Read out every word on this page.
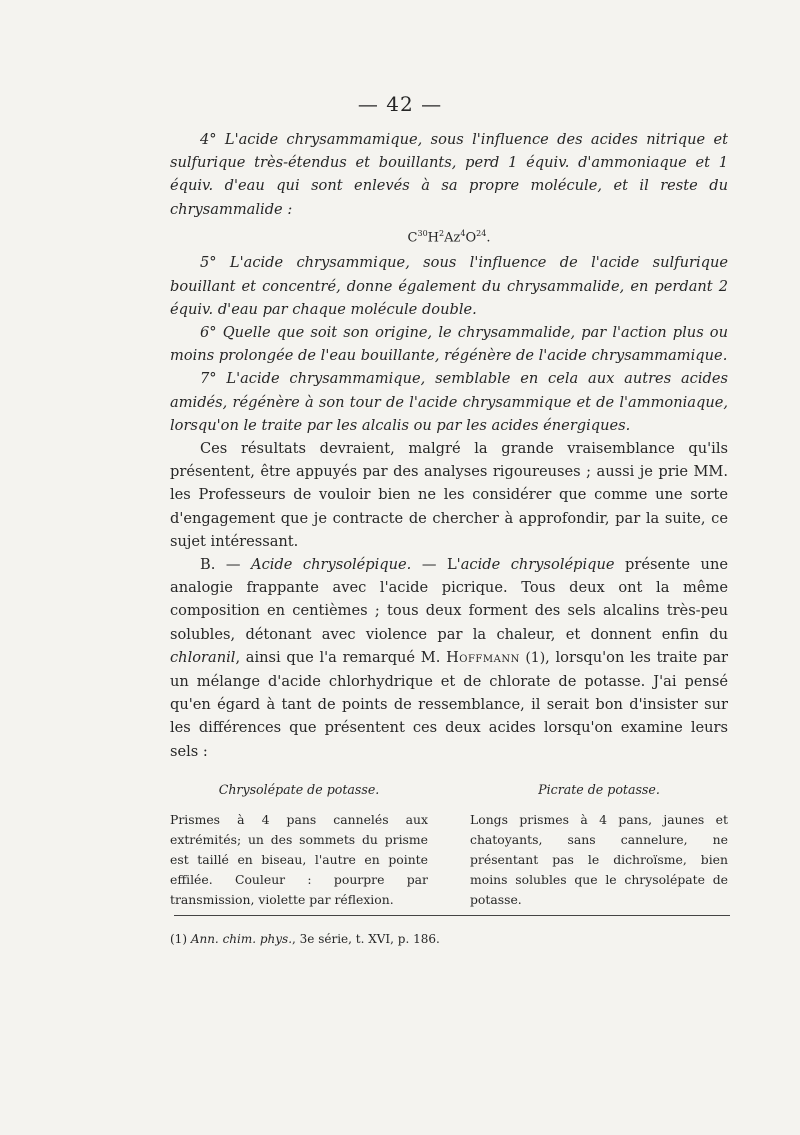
— 42 —

4° L'acide chrysammamique, sous l'influence des acides nitrique et sulfurique très-étendus et bouillants, perd 1 équiv. d'ammoniaque et 1 équiv. d'eau qui sont enlevés à sa propre molécule, et il reste du chrysammalide :

$C^{30}H^2Az^4O^{24}$.

5° L'acide chrysammique, sous l'influence de l'acide sulfurique bouillant et concentré, donne également du chrysammalide, en perdant 2 équiv. d'eau par chaque molécule double.

6° Quelle que soit son origine, le chrysammalide, par l'action plus ou moins prolongée de l'eau bouillante, régénère de l'acide chrysammamique.

7° L'acide chrysammamique, semblable en cela aux autres acides amidés, régénère à son tour de l'acide chrysammique et de l'ammoniaque, lorsqu'on le traite par les alcalis ou par les acides énergiques.

Ces résultats devraient, malgré la grande vraisemblance qu'ils présentent, être appuyés par des analyses rigoureuses ; aussi je prie MM. les Professeurs de vouloir bien ne les considérer que comme une sorte d'engagement que je contracte de chercher à approfondir, par la suite, ce sujet intéressant.

B. — Acide chrysolépique. — L'acide chrysolépique présente une analogie frappante avec l'acide picrique. Tous deux ont la même composition en centièmes ; tous deux forment des sels alcalins très-peu solubles, détonant avec violence par la chaleur, et donnent enfin du chloranil, ainsi que l'a remarqué M. Hoffmann (1), lorsqu'on les traite par un mélange d'acide chlorhydrique et de chlorate de potasse. J'ai pensé qu'en égard à tant de points de ressemblance, il serait bon d'insister sur les différences que présentent ces deux acides lorsqu'on examine leurs sels :

Chrysolépate de potasse.
Prismes à 4 pans cannelés aux extrémités; un des sommets du prisme est taillé en biseau, l'autre en pointe effilée. Couleur : pourpre par transmission, violette par réflexion.
Picrate de potasse.
Longs prismes à 4 pans, jaunes et chatoyants, sans cannelure, ne présentant pas le dichroïsme, bien moins solubles que le chrysolépate de potasse.
(1) Ann. chim. phys., 3e série, t. XVI, p. 186.
